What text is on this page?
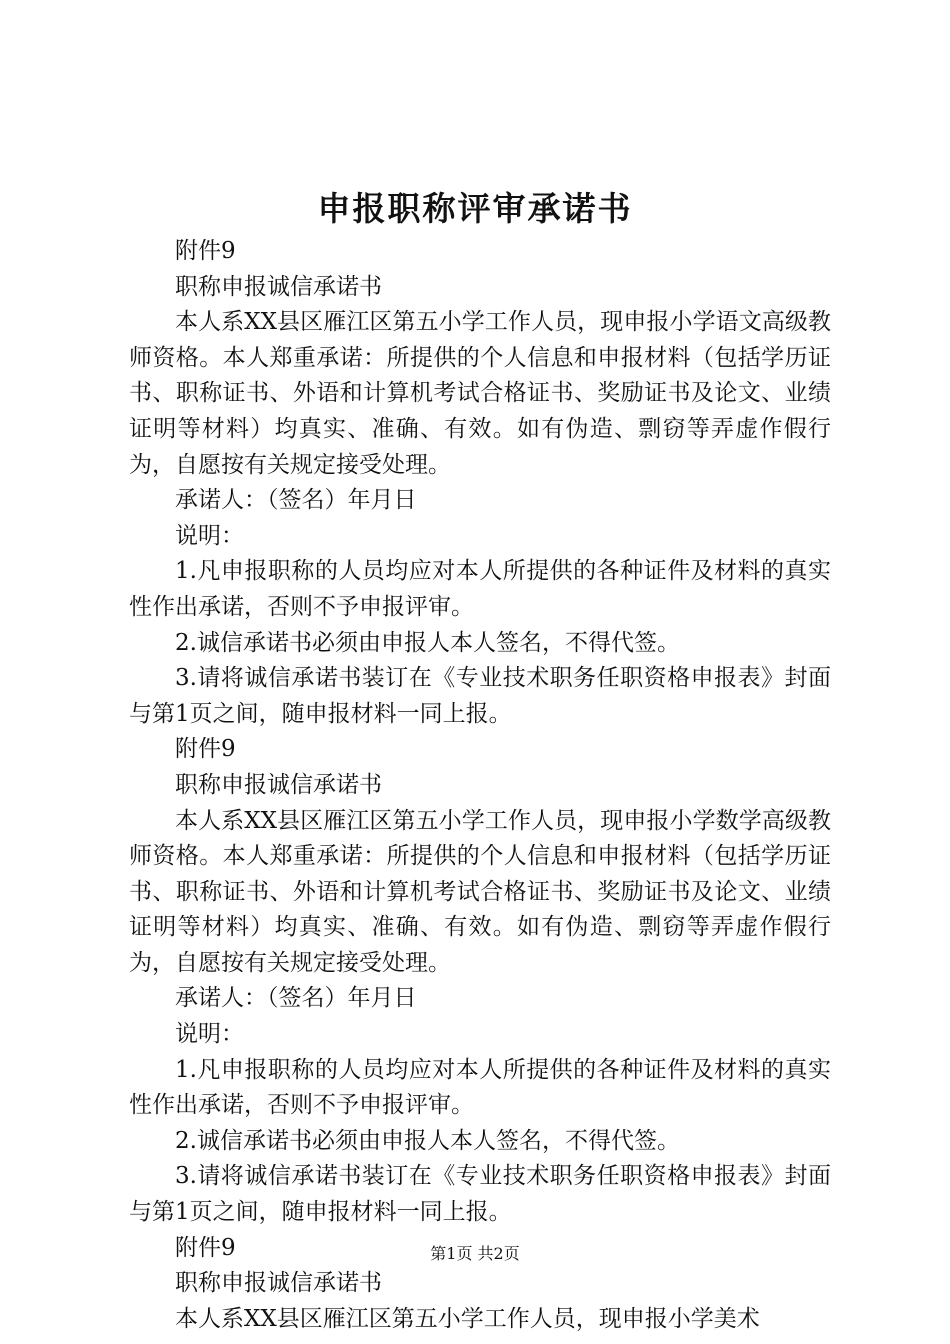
申报职称评审承诺书

附件9

职称申报诚信承诺书

本人系XX县区雁江区第五小学工作人员，现申报小学语文高级教师资格。本人郑重承诺：所提供的个人信息和申报材料（包括学历证书、职称证书、外语和计算机考试合格证书、奖励证书及论文、业绩证明等材料）均真实、准确、有效。如有伪造、剽窃等弄虚作假行为，自愿按有关规定接受处理。

承诺人：（签名）年月日

说明：

1.凡申报职称的人员均应对本人所提供的各种证件及材料的真实性作出承诺，否则不予申报评审。

2.诚信承诺书必须由申报人本人签名，不得代签。

3.请将诚信承诺书装订在《专业技术职务任职资格申报表》封面与第1页之间，随申报材料一同上报。

附件9

职称申报诚信承诺书

本人系XX县区雁江区第五小学工作人员，现申报小学数学高级教师资格。本人郑重承诺：所提供的个人信息和申报材料（包括学历证书、职称证书、外语和计算机考试合格证书、奖励证书及论文、业绩证明等材料）均真实、准确、有效。如有伪造、剽窃等弄虚作假行为，自愿按有关规定接受处理。

承诺人：（签名）年月日

说明：

1.凡申报职称的人员均应对本人所提供的各种证件及材料的真实性作出承诺，否则不予申报评审。

2.诚信承诺书必须由申报人本人签名，不得代签。

3.请将诚信承诺书装订在《专业技术职务任职资格申报表》封面与第1页之间，随申报材料一同上报。

附件9

职称申报诚信承诺书

本人系XX县区雁江区第五小学工作人员，现申报小学美术

第1页 共2页
